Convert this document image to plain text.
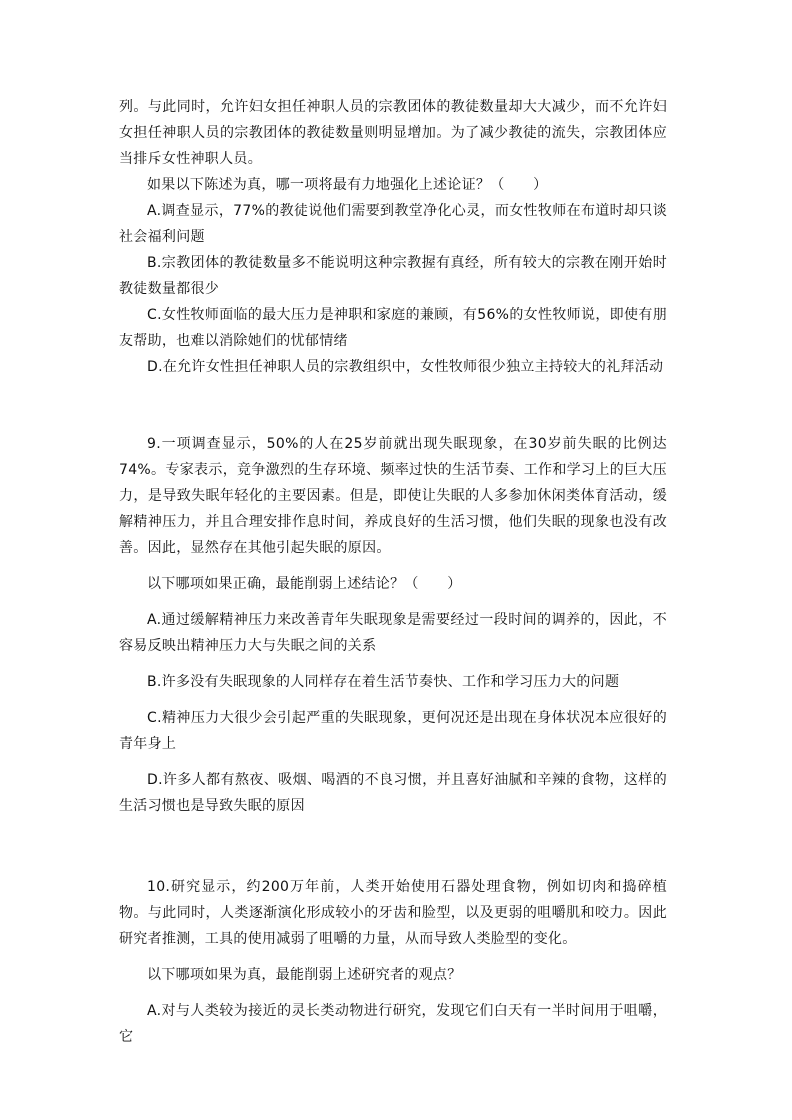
列。与此同时，允许妇女担任神职人员的宗教团体的教徒数量却大大减少，而不允许妇女担任神职人员的宗教团体的教徒数量则明显增加。为了减少教徒的流失，宗教团体应当排斥女性神职人员。

如果以下陈述为真，哪一项将最有力地强化上述论证？（　　）

A.调查显示，77%的教徒说他们需要到教堂净化心灵，而女性牧师在布道时却只谈社会福利问题

B.宗教团体的教徒数量多不能说明这种宗教握有真经，所有较大的宗教在刚开始时教徒数量都很少

C.女性牧师面临的最大压力是神职和家庭的兼顾，有56%的女性牧师说，即使有朋友帮助，也难以消除她们的忧郁情绪

D.在允许女性担任神职人员的宗教组织中，女性牧师很少独立主持较大的礼拜活动

9.一项调查显示，50%的人在25岁前就出现失眠现象，在30岁前失眠的比例达74%。专家表示，竞争激烈的生存环境、频率过快的生活节奏、工作和学习上的巨大压力，是导致失眠年轻化的主要因素。但是，即使让失眠的人多参加休闲类体育活动，缓解精神压力，并且合理安排作息时间，养成良好的生活习惯，他们失眠的现象也没有改善。因此，显然存在其他引起失眠的原因。

以下哪项如果正确，最能削弱上述结论？（　　）

A.通过缓解精神压力来改善青年失眠现象是需要经过一段时间的调养的，因此，不容易反映出精神压力大与失眠之间的关系

B.许多没有失眠现象的人同样存在着生活节奏快、工作和学习压力大的问题

C.精神压力大很少会引起严重的失眠现象，更何况还是出现在身体状况本应很好的青年身上

D.许多人都有熬夜、吸烟、喝酒的不良习惯，并且喜好油腻和辛辣的食物，这样的生活习惯也是导致失眠的原因

10.研究显示，约200万年前，人类开始使用石器处理食物，例如切肉和捣碎植物。与此同时，人类逐渐演化形成较小的牙齿和脸型，以及更弱的咀嚼肌和咬力。因此研究者推测，工具的使用减弱了咀嚼的力量，从而导致人类脸型的变化。

以下哪项如果为真，最能削弱上述研究者的观点？

A.对与人类较为接近的灵长类动物进行研究，发现它们白天有一半时间用于咀嚼，它
